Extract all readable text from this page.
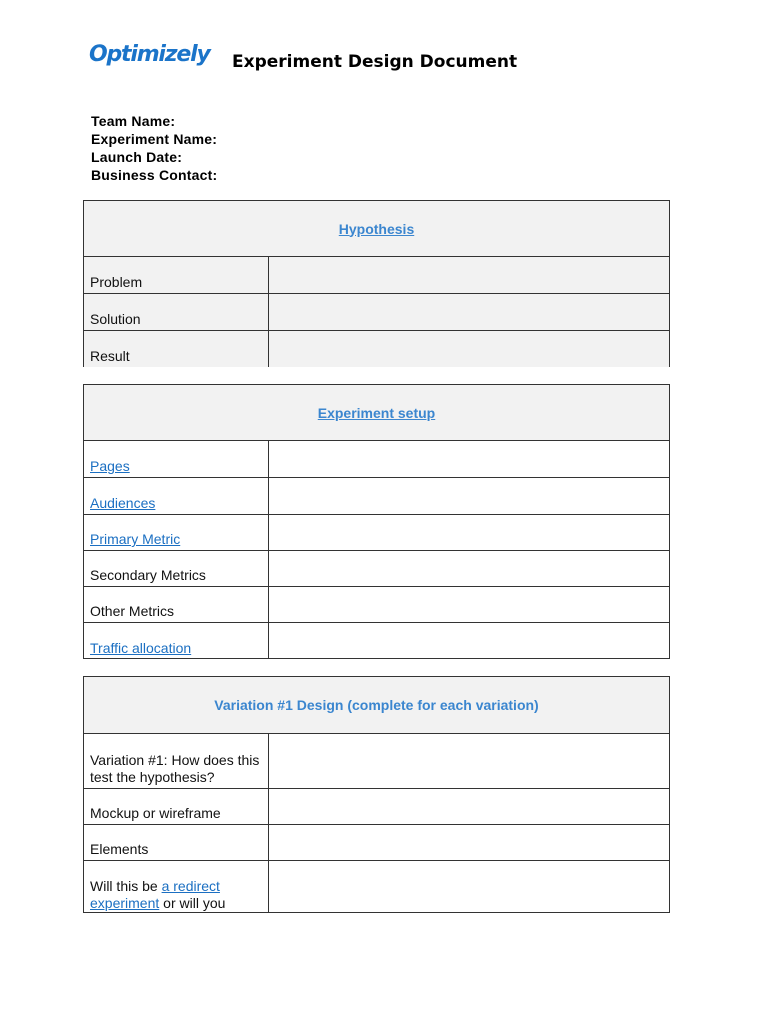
Optimizely Experiment Design Document
Team Name:
Experiment Name:
Launch Date:
Business Contact:
Hypothesis
Problem
Solution
Result
Experiment setup
Pages
Audiences
Primary Metric
Secondary Metrics
Other Metrics
Traffic allocation
Variation #1 Design (complete for each variation)
Variation #1: How does this test the hypothesis?
Mockup or wireframe
Elements
Will this be a redirect experiment or will you
